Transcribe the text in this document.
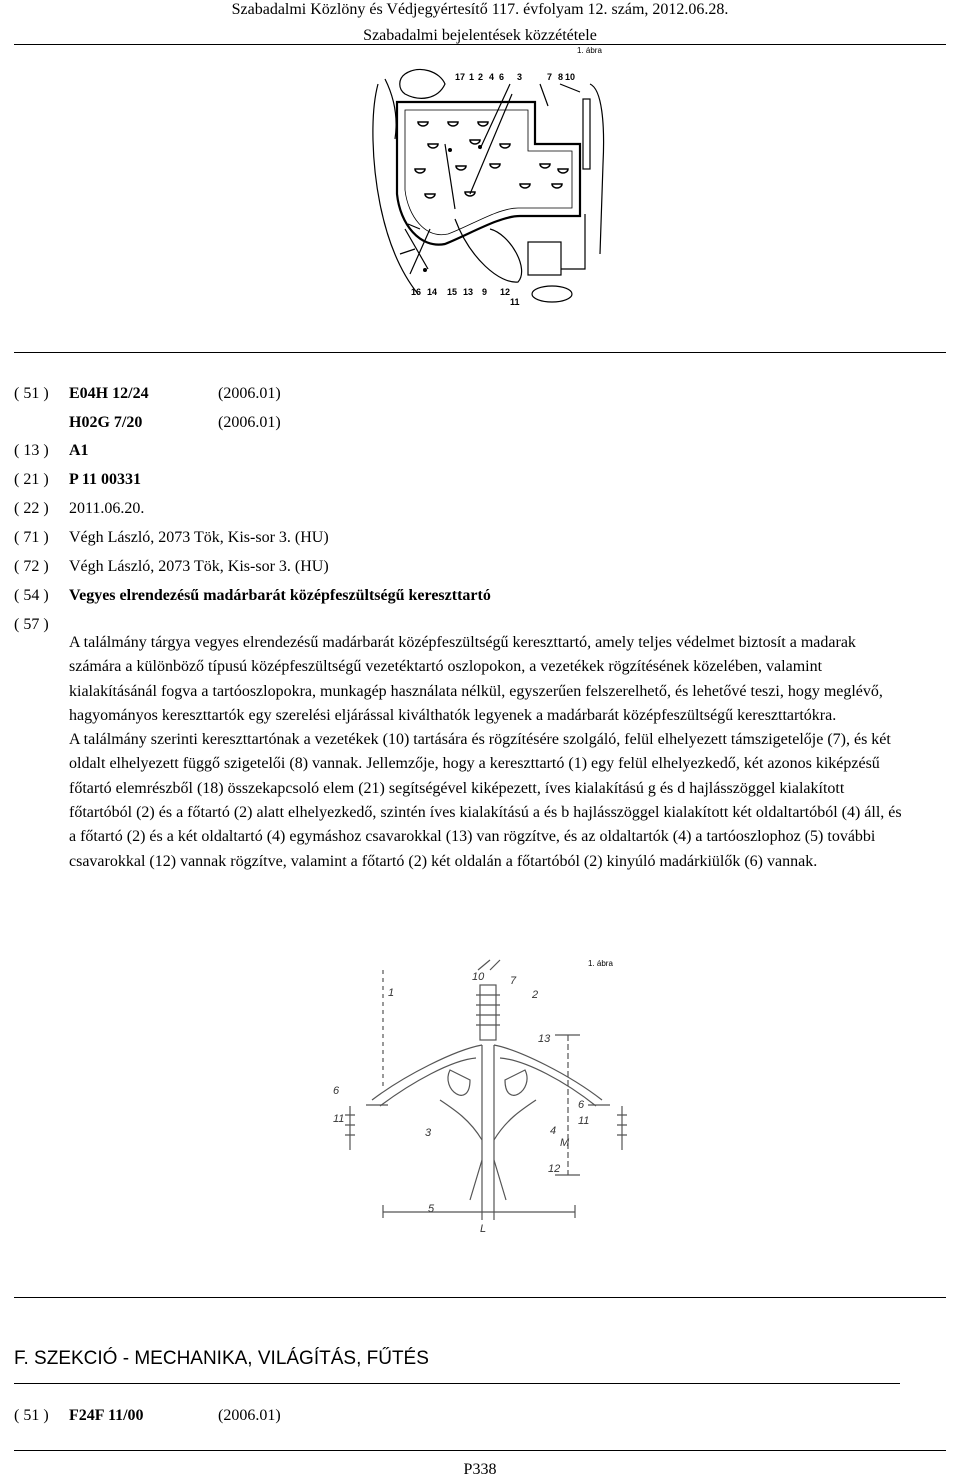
Szabadalmi Közlöny és Védjegyértesítő 117. évfolyam 12. szám, 2012.06.28.
Szabadalmi bejelentések közzététele
1. ábra
17 1 2 4 6 3	7 8 10
16 14 15 13 9 12
11
( 51 ) E04H 12/24	(2006.01)
H02G 7/20	(2006.01)
( 13 ) A1
( 21 ) P 11 00331
( 22 ) 2011.06.20.
( 71 ) Végh László, 2073 Tök, Kis-sor 3. (HU)
( 72 ) Végh László, 2073 Tök, Kis-sor 3. (HU)
( 54 ) Vegyes elrendezésű madárbarát középfeszültségű kereszttartó
( 57 )

A találmány tárgya vegyes elrendezésű madárbarát középfeszültségű kereszttartó, amely teljes védelmet biztosít a madarak számára a különböző típusú középfeszültségű vezetéktartó oszlopokon, a vezetékek rögzítésének közelében, valamint kialakításánál fogva a tartóoszlopokra, munkagép használata nélkül, egyszerűen felszerelhető, és lehetővé teszi, hogy meglévő, hagyományos kereszttartók egy szerelési eljárással kiválthatók legyenek a madárbarát középfeszültségű kereszttartókra.

A találmány szerinti kereszttartónak a vezetékek (10) tartására és rögzítésére szolgáló, felül elhelyezett támszigetelője (7), és két oldalt elhelyezett függő szigetelői (8) vannak. Jellemzője, hogy a kereszttartó (1) egy felül elhelyezkedő, két azonos kiképzésű főtartó elemrészből (18) összekapcsoló elem (21) segítségével kiképezett, íves kialakítású g és d hajlásszöggel kialakított főtartóból (2) és a főtartó (2) alatt elhelyezkedő, szintén íves kialakítású a és b hajlásszöggel kialakított két oldaltartóból (4) áll, és a főtartó (2) és a két oldaltartó (4) egymáshoz csavarokkal (13) van rögzítve, és az oldaltartók (4) a tartóoszlophoz (5) további csavarokkal (12) vannak rögzítve, valamint a főtartó (2) két oldalán a főtartóból (2) kinyúló madárkiülők (6) vannak.

1. ábra
10 7
2
1
13
6
11
3	4
M
6
11
12
5
L
F. SZEKCIÓ - MECHANIKA, VILÁGÍTÁS, FŰTÉS
( 51 ) F24F 11/00	(2006.01)
P338
